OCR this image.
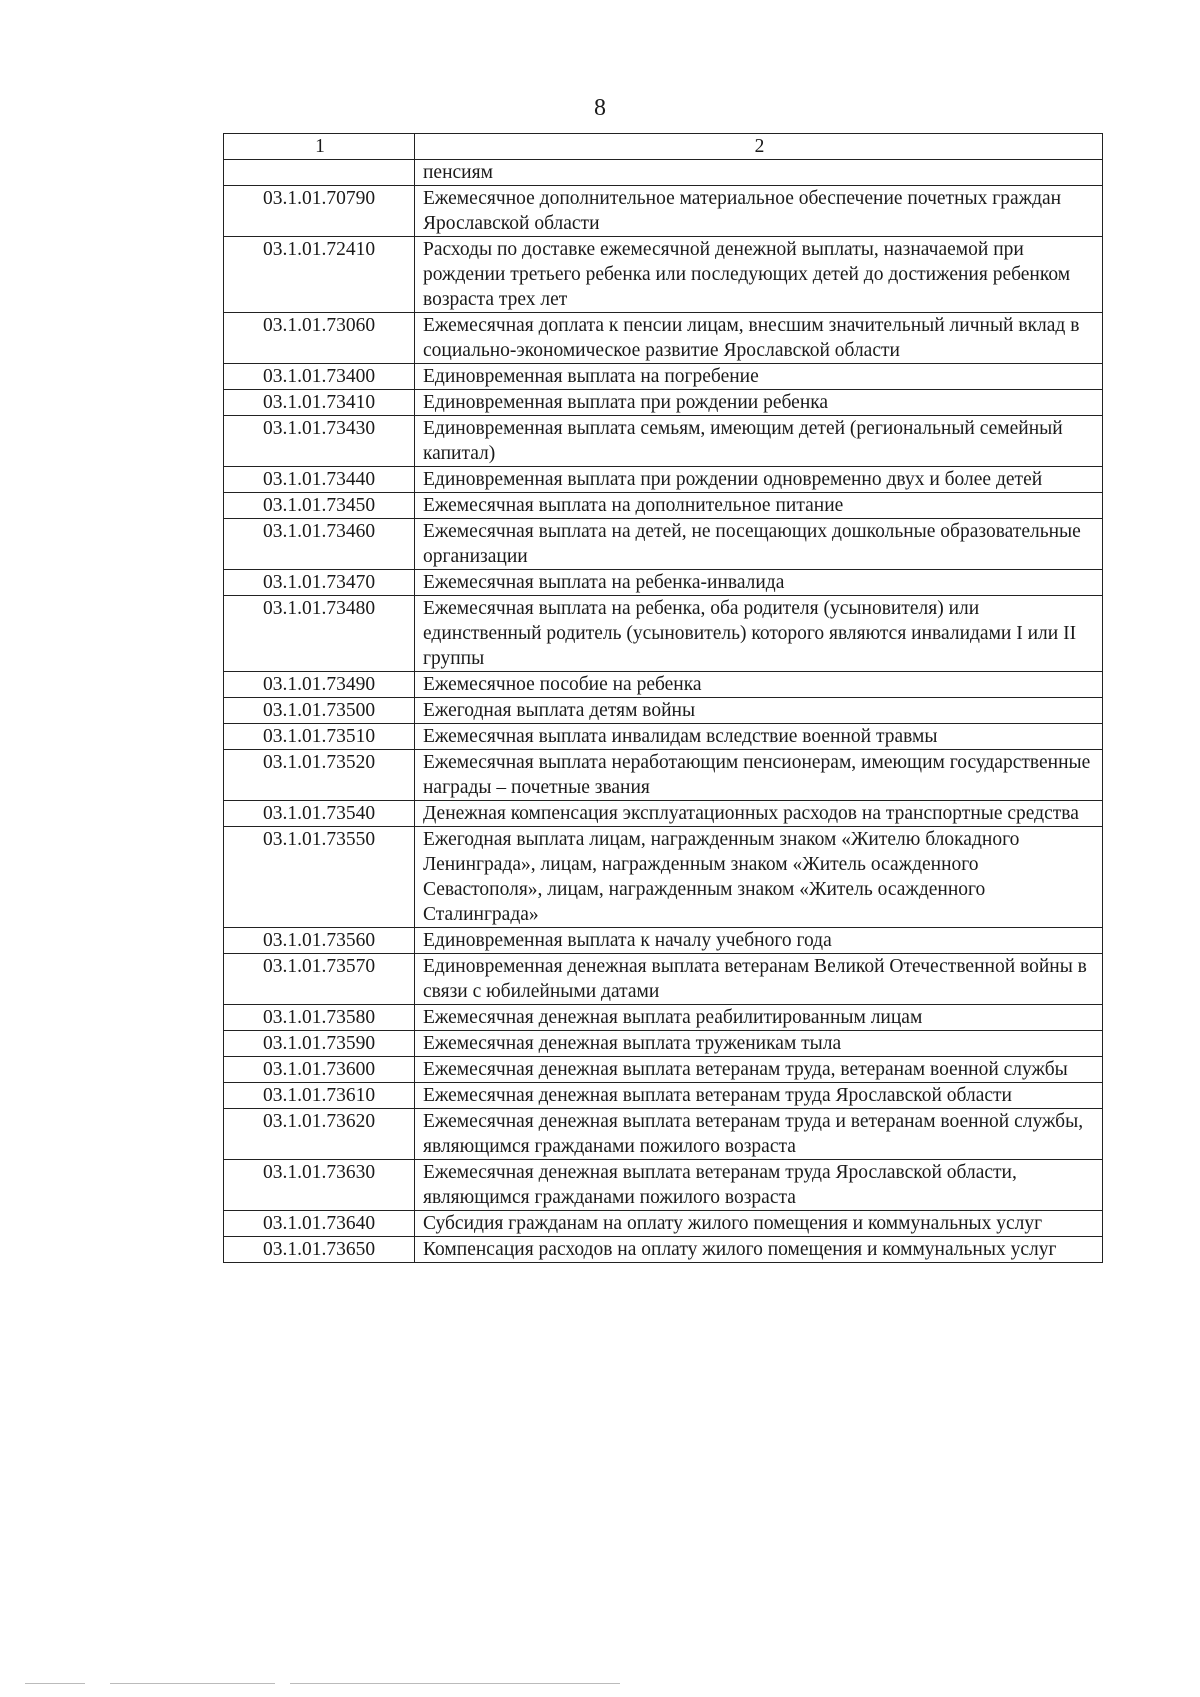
8
1	2
	пенсиям
03.1.01.70790	Ежемесячное дополнительное материальное обеспечение почетных граждан Ярославской области
03.1.01.72410	Расходы по доставке ежемесячной денежной выплаты, назначаемой при рождении третьего ребенка или последующих детей до достижения ребенком возраста трех лет
03.1.01.73060	Ежемесячная доплата к пенсии лицам, внесшим значительный личный вклад в социально-экономическое развитие Ярославской области
03.1.01.73400	Единовременная выплата на погребение
03.1.01.73410	Единовременная выплата при рождении ребенка
03.1.01.73430	Единовременная выплата семьям, имеющим детей (региональный семейный капитал)
03.1.01.73440	Единовременная выплата при рождении одновременно двух и более детей
03.1.01.73450	Ежемесячная выплата на дополнительное питание
03.1.01.73460	Ежемесячная выплата на детей, не посещающих дошкольные образовательные организации
03.1.01.73470	Ежемесячная выплата на ребенка-инвалида
03.1.01.73480	Ежемесячная выплата на ребенка, оба родителя (усыновителя) или единственный родитель (усыновитель) которого являются инвалидами I или II группы
03.1.01.73490	Ежемесячное пособие на ребенка
03.1.01.73500	Ежегодная выплата детям войны
03.1.01.73510	Ежемесячная выплата инвалидам вследствие военной травмы
03.1.01.73520	Ежемесячная выплата неработающим пенсионерам, имеющим государственные награды – почетные звания
03.1.01.73540	Денежная компенсация эксплуатационных расходов на транспортные средства
03.1.01.73550	Ежегодная выплата лицам, награжденным знаком «Жителю блокадного Ленинграда», лицам, награжденным знаком «Житель осажденного Севастополя», лицам, награжденным знаком «Житель осажденного Сталинграда»
03.1.01.73560	Единовременная выплата к началу учебного года
03.1.01.73570	Единовременная денежная выплата ветеранам Великой Отечественной войны в связи с юбилейными датами
03.1.01.73580	Ежемесячная денежная выплата реабилитированным лицам
03.1.01.73590	Ежемесячная денежная выплата труженикам тыла
03.1.01.73600	Ежемесячная денежная выплата ветеранам труда, ветеранам военной службы
03.1.01.73610	Ежемесячная денежная выплата ветеранам труда Ярославской области
03.1.01.73620	Ежемесячная денежная выплата ветеранам труда и ветеранам военной службы, являющимся гражданами пожилого возраста
03.1.01.73630	Ежемесячная денежная выплата ветеранам труда Ярославской области, являющимся гражданами пожилого возраста
03.1.01.73640	Субсидия гражданам на оплату жилого помещения и коммунальных услуг
03.1.01.73650	Компенсация расходов на оплату жилого помещения и коммунальных услуг
